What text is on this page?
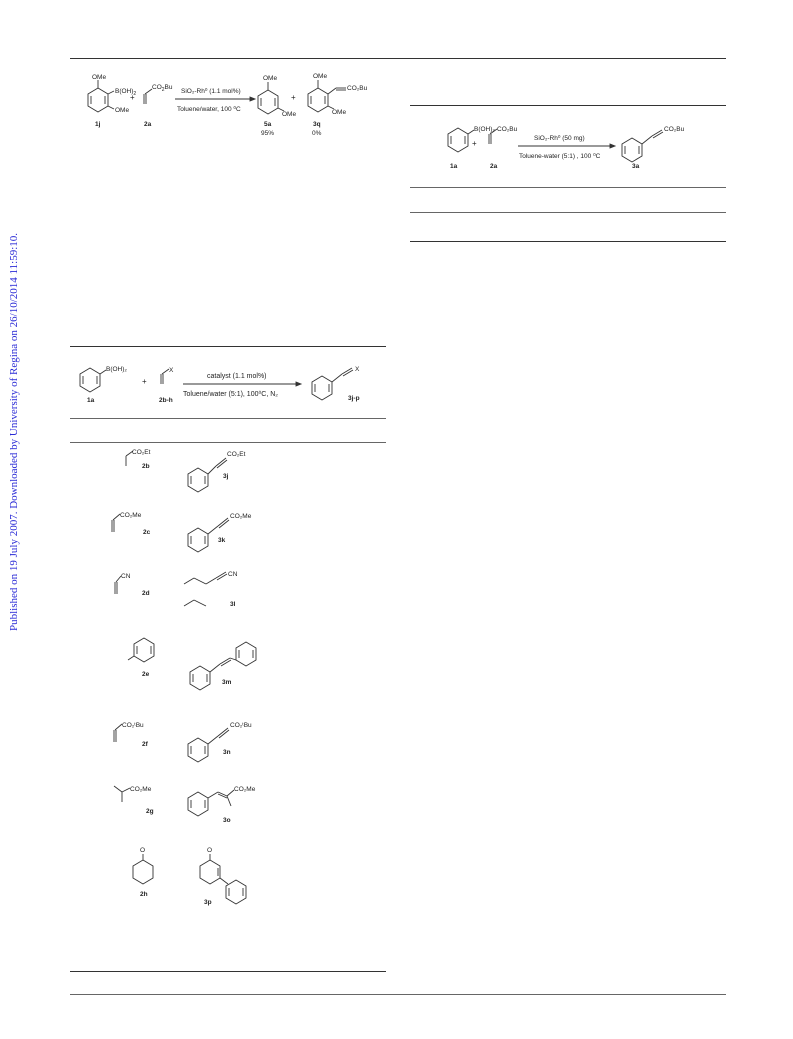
Published on 19 July 2007. Downloaded by University of Regina on 26/10/2014 11:59:10.
OMe
$B(OH)_2$
OMe
1j
+
$CO_2Bu$
2a
SiO₂-Rh⁰ (1.1 mol%)
Toluene/water, 100 ⁰C
OMe
OMe
5a
95%
+
OMe
CO₂Bu
OMe
3q
0%
B(OH)₂
+
CO₂Bu
1a	2a
SiO₂-Rh⁰ (50 mg)
Toluene-water (5:1) , 100 ⁰C
CO₂Bu
3a
B(OH)₂
1a
+
X
2b-h
catalyst (1.1 mol%)
Toluene/water (5:1), 100⁰C, N₂
X
3j-p
CO₂Et
2b
CO₂Et
3j
CO₂Me
2c
CO₂Me
3k
CN
2d
CN
3l
2e
3m
CO₂ᵗBu
2f
CO₂ᵗBu
3n
CO₂Me
2g
CO₂Me
3o
O
2h
O
3p
